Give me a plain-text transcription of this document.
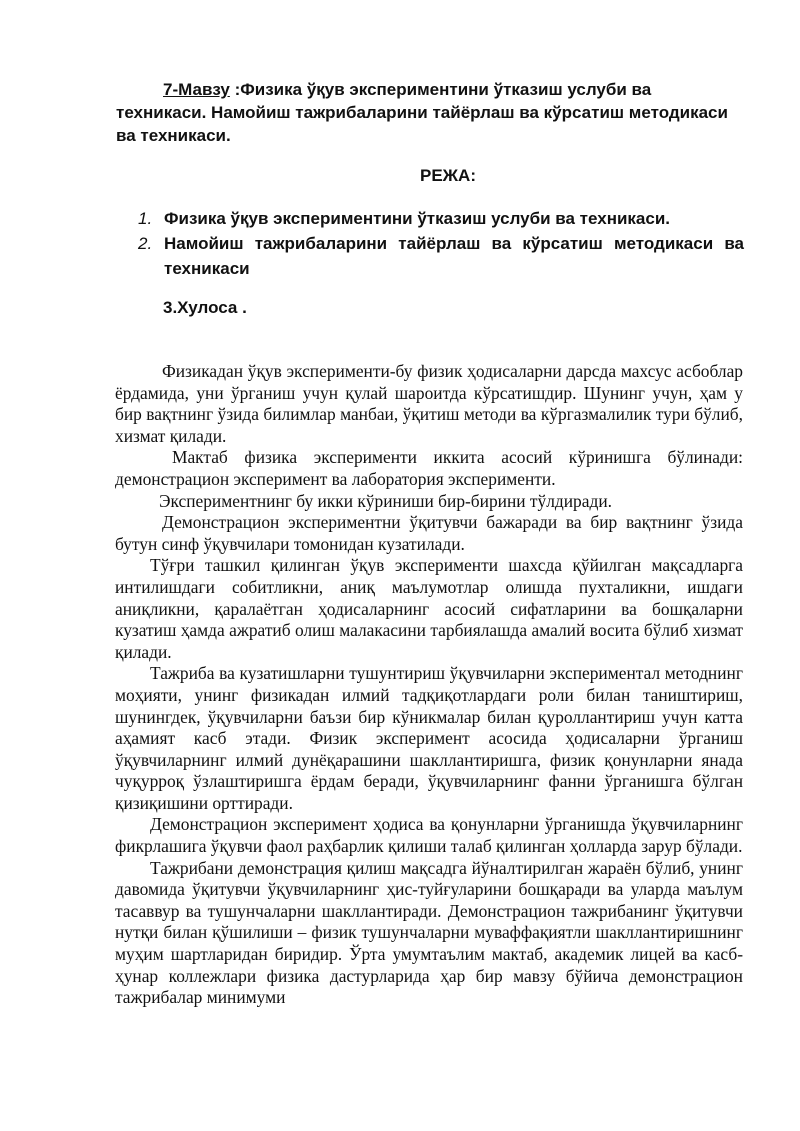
7-Мавзу :Физика ўқув экспериментини ўтказиш услуби ва техникаси. Намойиш тажрибаларини тайёрлаш ва кўрсатиш методикаси ва техникаси.

РЕЖА:
1. Физика ўқув экспериментини ўтказиш услуби ва техникаси.
2. Намойиш тажрибаларини тайёрлаш ва кўрсатиш методикаси ва техникаси
3.Хулоса .

Физикадан ўқув эксперименти-бу физик ҳодисаларни дарсда махсус асбоблар ёрдамида, уни ўрганиш учун қулай шароитда кўрсатишдир. Шунинг учун, ҳам у бир вақтнинг ўзида билимлар манбаи, ўқитиш методи ва кўргазмалилик тури бўлиб, хизмат қилади.

Мактаб физика эксперименти иккита асосий кўринишга бўлинади: демонстрацион эксперимент ва лаборатория эксперименти.

Экспериментнинг бу икки кўриниши бир-бирини тўлдиради.

Демонстрацион экспериментни ўқитувчи бажаради ва бир вақтнинг ўзида бутун синф ўқувчилари томонидан кузатилади.

Тўғри ташкил қилинган ўқув эксперименти шахсда қўйилган мақсадларга интилишдаги собитликни, аниқ маълумотлар олишда пухталикни, ишдаги аниқликни, қаралаётган ҳодисаларнинг асосий сифатларини ва бошқаларни кузатиш ҳамда ажратиб олиш малакасини тарбиялашда амалий восита бўлиб хизмат қилади.

Тажриба ва кузатишларни тушунтириш ўқувчиларни экспериментал методнинг моҳияти, унинг физикадан илмий тадқиқотлардаги роли билан таништириш, шунингдек, ўқувчиларни баъзи бир кўникмалар билан қуроллантириш учун катта аҳамият касб этади. Физик эксперимент асосида ҳодисаларни ўрганиш ўқувчиларнинг илмий дунёқарашини шакллантиришга, физик қонунларни янада чуқурроқ ўзлаштиришга ёрдам беради, ўқувчиларнинг фанни ўрганишга бўлган қизиқишини орттиради.

Демонстрацион эксперимент ҳодиса ва қонунларни ўрганишда ўқувчиларнинг фикрлашига ўқувчи фаол раҳбарлик қилиши талаб қилинган ҳолларда зарур бўлади.

Тажрибани демонстрация қилиш мақсадга йўналтирилган жараён бўлиб, унинг давомида ўқитувчи ўқувчиларнинг ҳис-туйғуларини бошқаради ва уларда маълум тасаввур ва тушунчаларни шакллантиради. Демонстрацион тажрибанинг ўқитувчи нутқи билан қўшилиши – физик тушунчаларни муваффақиятли шакллантиришнинг муҳим шартларидан биридир. Ўрта умумтаълим мактаб, академик лицей ва касб-ҳунар коллежлари физика дастурларида ҳар бир мавзу бўйича демонстрацион тажрибалар минимуми
